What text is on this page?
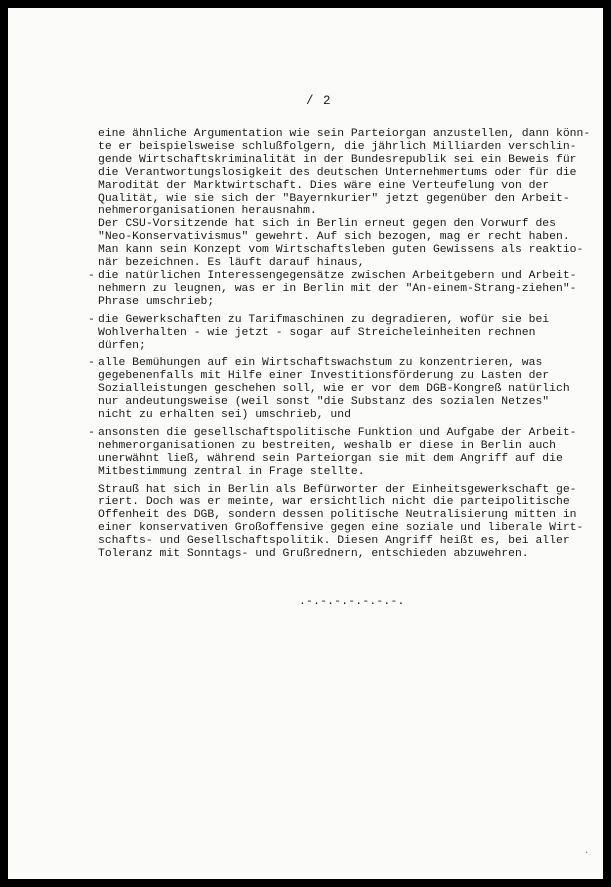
/ 2

eine ähnliche Argumentation wie sein Parteiorgan anzustellen, dann könn-
te er beispielsweise schlußfolgern, die jährlich Milliarden verschlin-
gende Wirtschaftskriminalität in der Bundesrepublik sei ein Beweis für
die Verantwortungslosigkeit des deutschen Unternehmertums oder für die
Marodität der Marktwirtschaft. Dies wäre eine Verteufelung von der
Qualität, wie sie sich der "Bayernkurier" jetzt gegenüber den Arbeit-
nehmerorganisationen herausnahm.

Der CSU-Vorsitzende hat sich in Berlin erneut gegen den Vorwurf des
"Neo-Konservativismus" gewehrt. Auf sich bezogen, mag er recht haben.
Man kann sein Konzept vom Wirtschaftsleben guten Gewissens als reaktio-
när bezeichnen. Es läuft darauf hinaus,

- die natürlichen Interessengegensätze zwischen Arbeitgebern und Arbeit-
nehmern zu leugnen, was er in Berlin mit der "An-einem-Strang-ziehen"-
Phrase umschrieb;
- die Gewerkschaften zu Tarifmaschinen zu degradieren, wofür sie bei
Wohlverhalten - wie jetzt - sogar auf Streicheleinheiten rechnen
dürfen;
- alle Bemühungen auf ein Wirtschaftswachstum zu konzentrieren, was
gegebenenfalls mit Hilfe einer Investitionsförderung zu Lasten der
Sozialleistungen geschehen soll, wie er vor dem DGB-Kongreß natürlich
nur andeutungsweise (weil sonst "die Substanz des sozialen Netzes"
nicht zu erhalten sei) umschrieb, und
- ansonsten die gesellschaftspolitische Funktion und Aufgabe der Arbeit-
nehmerorganisationen zu bestreiten, weshalb er diese in Berlin auch
unerwähnt ließ, während sein Parteiorgan sie mit dem Angriff auf die
Mitbestimmung zentral in Frage stellte.

Strauß hat sich in Berlin als Befürworter der Einheitsgewerkschaft ge-
riert. Doch was er meinte, war ersichtlich nicht die parteipolitische
Offenheit des DGB, sondern dessen politische Neutralisierung mitten in
einer konservativen Großoffensive gegen eine soziale und liberale Wirt-
schafts- und Gesellschaftspolitik. Diesen Angriff heißt es, bei aller
Toleranz mit Sonntags- und Grußrednern, entschieden abzuwehren.

.-.-.-.-.-.-.-.
·
